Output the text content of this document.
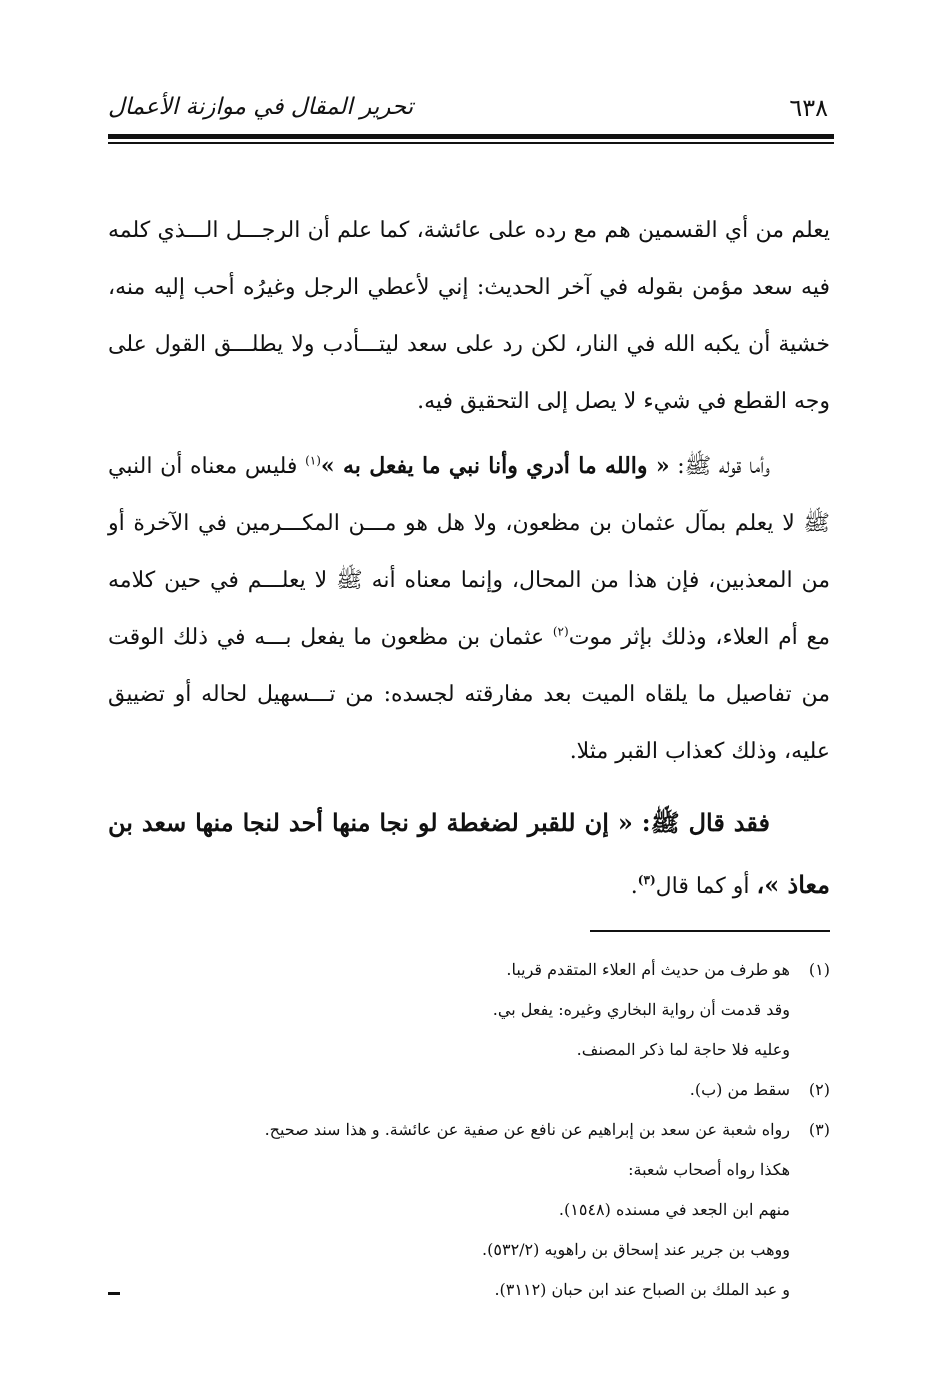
٦٣٨
تحرير المقال في موازنة الأعمال

يعلم من أي القسمين هم مع رده على عائشة، كما علم أن الرجـــل الـــذي كلمه فيه سعد مؤمن بقوله في آخر الحديث: إني لأعطي الرجل وغيرُه أحب إليه منه، خشية أن يكبه الله في النار، لكن رد على سعد ليتـــأدب ولا يطلـــق القول على وجه القطع في شيء لا يصل إلى التحقيق فيه.

وأما قوله ﷺ: « والله ما أدري وأنا نبي ما يفعل به »$^{(١)}$ فليس معناه أن النبي ﷺ لا يعلم بمآل عثمان بن مظعون، ولا هل هو مـــن المكـــرمين في الآخرة أو من المعذبين، فإن هذا من المحال، وإنما معناه أنه ﷺ لا يعلـــم في حين كلامه مع أم العلاء، وذلك بإثر موت$^{(٢)}$ عثمان بن مظعون ما يفعل بـــه في ذلك الوقت من تفاصيل ما يلقاه الميت بعد مفارقته لجسده: من تـــسهيل لحاله أو تضييق عليه، وذلك كعذاب القبر مثلا.

فقد قال ﷺ: « إن للقبر لضغطة لو نجا منها أحد لنجا منها سعد بن معاذ »، أو كما قال$^{(٣)}$.

(١)هو طرف من حديث أم العلاء المتقدم قريبا.
وقد قدمت أن رواية البخاري وغيره: يفعل بي.
وعليه فلا حاجة لما ذكر المصنف.
(٢)سقط من (ب).
(٣)رواه شعبة عن سعد بن إبراهيم عن نافع عن صفية عن عائشة. و هذا سند صحيح.
هكذا رواه أصحاب شعبة:
منهم ابن الجعد في مسنده (١٥٤٨).
ووهب بن جرير عند إسحاق بن راهويه (٥٣٢/٢).
و عبد الملك بن الصباح عند ابن حبان (٣١١٢).
